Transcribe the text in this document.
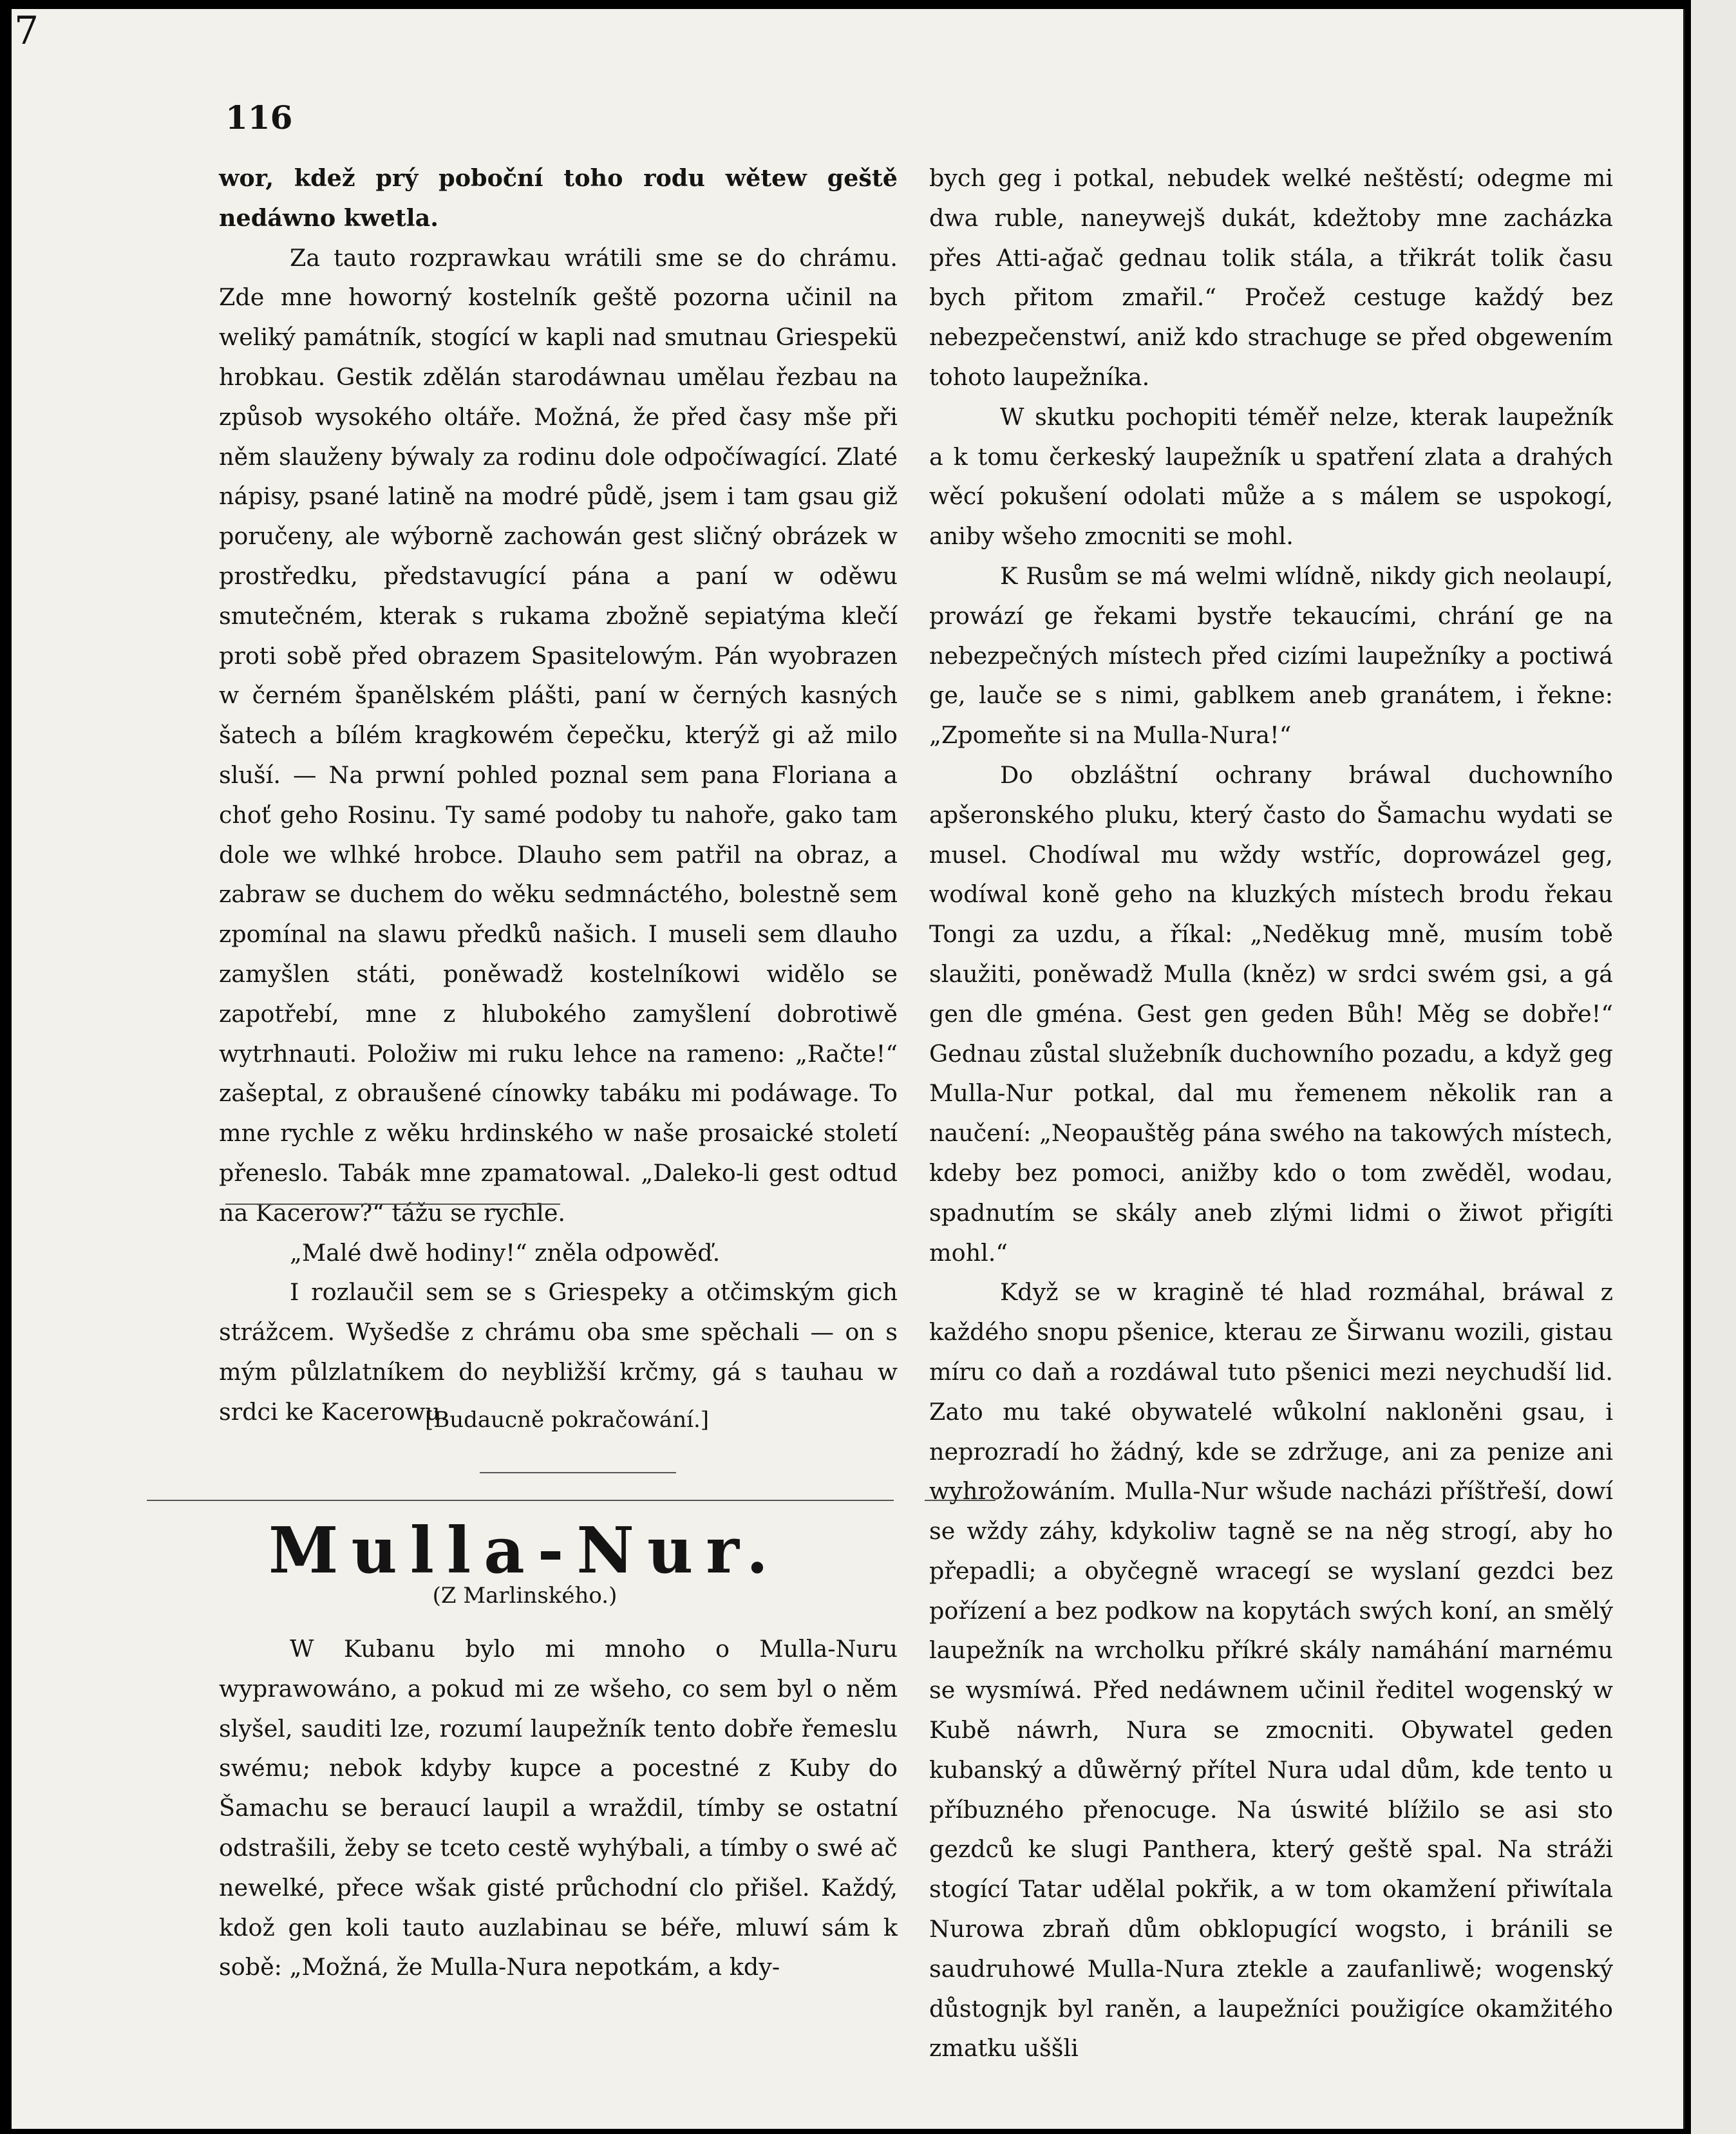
7
116
wor, kdež prý poboční toho rodu wětew geště nedáwno kwetla.
Za tauto rozprawkau wrátili sme se do chrámu. Zde mne howorný kostelník geště pozorna učinil na weliký památník, stogící w kapli nad smutnau Griespekü hrobkau. Gestik zdělán starodáwnau umělau řezbau na způsob wysokého oltáře. Možná, že před časy mše při něm slauženy býwaly za rodinu dole odpočíwagící. Zlaté nápisy, psané latině na modré půdě, jsem i tam gsau giž poručeny, ale wýborně zachowán gest sličný obrázek w prostředku, představugící pána a paní w oděwu smutečném, kterak s rukama zbožně sepiatýma klečí proti sobě před obrazem Spasitelowým. Pán wyobrazen w černém španělském plášti, paní w černých kasných šatech a bílém kragkowém čepečku, kterýž gi až milo sluší. — Na prwní pohled poznal sem pana Floriana a choť geho Rosinu. Ty samé podoby tu nahoře, gako tam dole we wlhké hrobce. Dlauho sem patřil na obraz, a zabraw se duchem do wěku sedmnáctého, bolestně sem zpomínal na slawu předků našich. I museli sem dlauho zamyšlen státi, poněwadž kostelníkowi widělo se zapotřebí, mne z hlubokého zamyšlení dobrotiwě wytrhnauti. Položiw mi ruku lehce na rameno: „Račte!“ zašeptal, z obraušené cínowky tabáku mi podáwage. To mne rychle z wěku hrdinského w naše prosaické století přeneslo. Tabák mne zpamatowal. „Daleko-li gest odtud na Kacerow?“ tážu se rychle.
„Malé dwě hodiny!“ zněla odpowěď.
I rozlaučil sem se s Griespeky a otčimským gich strážcem. Wyšedše z chrámu oba sme spěchali — on s mým půlzlatníkem do neybližší krčmy, gá s tauhau w srdci ke Kacerowu.
[Budaucně pokračowání.]
Mulla-Nur.
(Z Marlinského.)
W Kubanu bylo mi mnoho o Mulla-Nuru wyprawowáno, a pokud mi ze wšeho, co sem byl o něm slyšel, sauditi lze, rozumí laupežník tento dobře řemeslu swému; nebok kdyby kupce a pocestné z Kuby do Šamachu se beraucí laupil a wraždil, tímby se ostatní odstrašili, žeby se tceto cestě wyhýbali, a tímby o swé ač newelké, přece wšak gisté průchodní clo přišel. Každý, kdož gen koli tauto auzlabinau se béře, mluwí sám k sobě: „Možná, že Mulla-Nura nepotkám, a kdy-
bych geg i potkal, nebudek welké neštěstí; odegme mi dwa ruble, naneywejš dukát, kdežtoby mne zacházka přes Atti-ağač gednau tolik stála, a třikrát tolik času bych přitom zmařil.“ Pročež cestuge každý bez nebezpečenstwí, aniž kdo strachuge se před obgewením tohoto laupežníka.
W skutku pochopiti téměř nelze, kterak laupežník a k tomu čerkeský laupežník u spatření zlata a drahých wěcí pokušení odolati může a s málem se uspokogí, aniby wšeho zmocniti se mohl.
K Rusům se má welmi wlídně, nikdy gich neolaupí, prowází ge řekami bystře tekaucími, chrání ge na nebezpečných místech před cizími laupežníky a poctiwá ge, lauče se s nimi, gablkem aneb granátem, i řekne: „Zpomeňte si na Mulla-Nura!“
Do obzláštní ochrany bráwal duchowního apšeronského pluku, který často do Šamachu wydati se musel. Chodíwal mu wždy wstříc, doprowázel geg, wodíwal koně geho na kluzkých místech brodu řekau Tongi za uzdu, a říkal: „Neděkug mně, musím tobě slaužiti, poněwadž Mulla (kněz) w srdci swém gsi, a gá gen dle gména. Gest gen geden Bůh! Měg se dobře!“ Gednau zůstal služebník duchowního pozadu, a když geg Mulla-Nur potkal, dal mu řemenem několik ran a naučení: „Neopauštěg pána swého na takowých místech, kdeby bez pomoci, anižby kdo o tom zwěděl, wodau, spadnutím se skály aneb zlými lidmi o žiwot přigíti mohl.“
Když se w kragině té hlad rozmáhal, bráwal z každého snopu pšenice, kterau ze Širwanu wozili, gistau míru co daň a rozdáwal tuto pšenici mezi neychudší lid. Zato mu také obywatelé wůkolní nakloněni gsau, i neprozradí ho žádný, kde se zdržuge, ani za penize ani wyhrožowáním. Mulla-Nur wšude nacházi příštřeší, dowí se wždy záhy, kdykoliw tagně se na něg strogí, aby ho přepadli; a obyčegně wracegí se wyslaní gezdci bez pořízení a bez podkow na kopytách swých koní, an smělý laupežník na wrcholku příkré skály namáhání marnému se wysmíwá. Před nedáwnem učinil ředitel wogenský w Kubě náwrh, Nura se zmocniti. Obywatel geden kubanský a důwěrný přítel Nura udal dům, kde tento u příbuzného přenocuge. Na úswité blížilo se asi sto gezdců ke slugi Panthera, který geště spal. Na stráži stogící Tatar udělal pokřik, a w tom okamžení přiwítala Nurowa zbraň dům obklopugící wogsto, i bránili se saudruhowé Mulla-Nura ztekle a zaufanliwě; wogenský důstognjk byl raněn, a laupežníci použigíce okamžitého zmatku uššli
